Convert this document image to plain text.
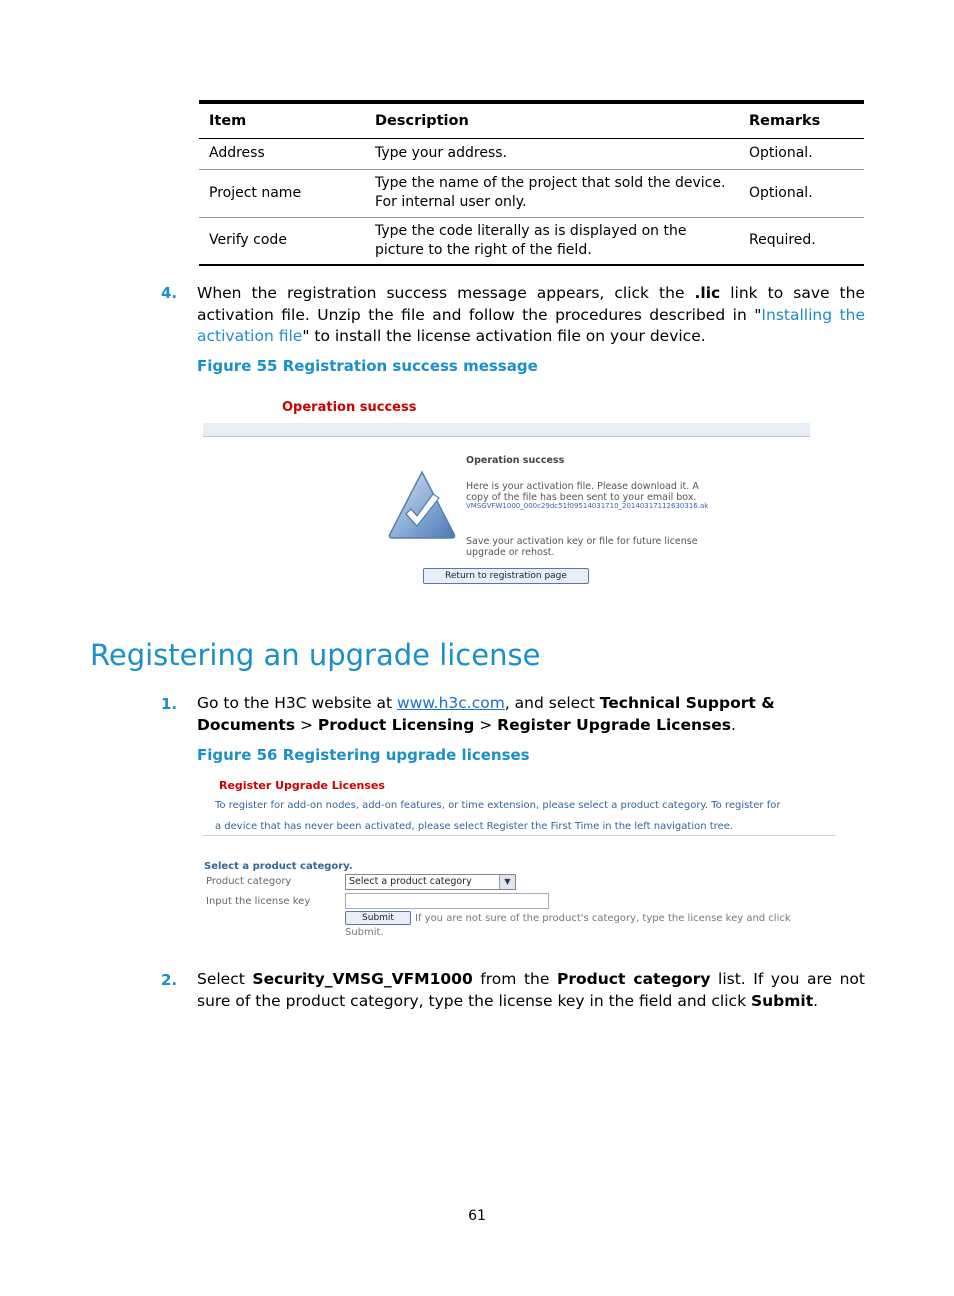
Item	Description	Remarks
Address	Type your address.	Optional.
Project name	Type the name of the project that sold the device. For internal user only.	Optional.
Verify code	Type the code literally as is displayed on the picture to the right of the field.	Required.
4. When the registration success message appears, click the .lic link to save the activation file. Unzip the file and follow the procedures described in "Installing the activation file" to install the license activation file on your device.
Figure 55 Registration success message
Operation success
Operation success
Here is your activation file. Please download it. A
copy of the file has been sent to your email box.
VMSGVFW1000_000c29dc51f09514031710_20140317112630316.ak
Save your activation key or file for future license
upgrade or rehost.
Return to registration page
Registering an upgrade license
1. Go to the H3C website at www.h3c.com, and select Technical Support & Documents > Product Licensing > Register Upgrade Licenses.
Figure 56 Registering upgrade licenses
Register Upgrade Licenses
To register for add-on nodes, add-on features, or time extension, please select a product category. To register for
a device that has never been activated, please select Register the First Time in the left navigation tree.
Select a product category.
Product category	Select a product category	▼
Input the license key
Submit	If you are not sure of the product's category, type the license key and click
Submit.
2. Select Security_VMSG_VFM1000 from the Product category list. If you are not sure of the product category, type the license key in the field and click Submit.
61
